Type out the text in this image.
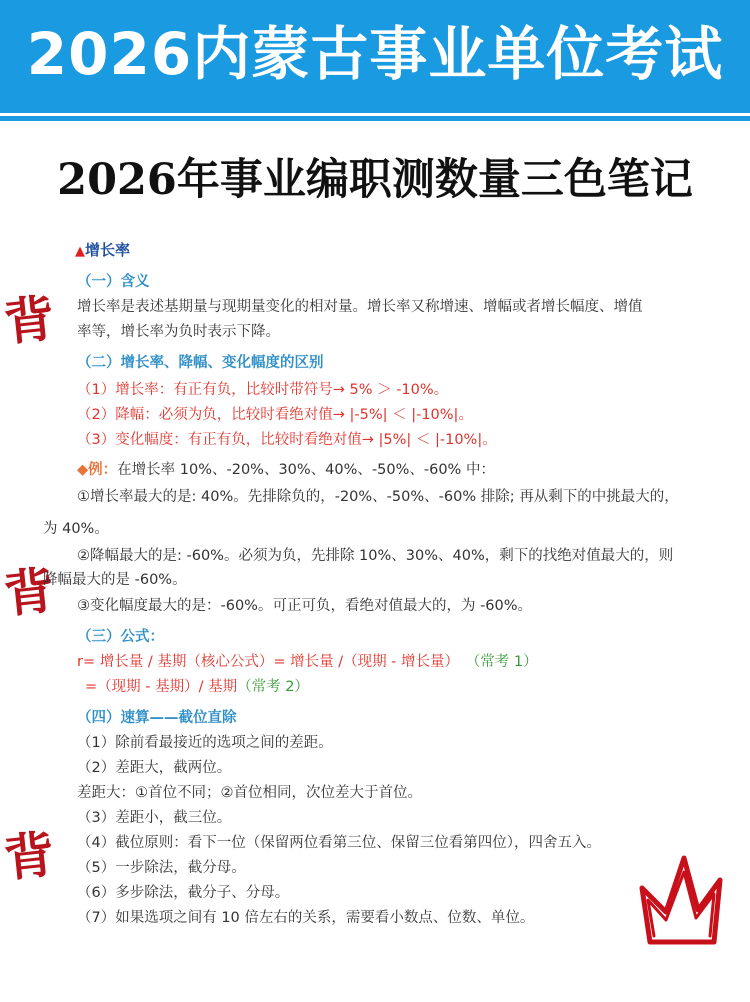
2026内蒙古事业单位考试
2026年事业编职测数量三色笔记
▲增长率
背
背
背
（一）含义
增长率是表述基期量与现期量变化的相对量。增长率又称增速、增幅或者增长幅度、增值
率等，增长率为负时表示下降。
（二）增长率、降幅、变化幅度的区别
（1）增长率：有正有负，比较时带符号→ 5% ＞ -10%。
（2）降幅：必须为负，比较时看绝对值→ |-5%| ＜ |-10%|。
（3）变化幅度：有正有负，比较时看绝对值→ |5%| ＜ |-10%|。
◆例：在增长率 10%、-20%、30%、40%、-50%、-60% 中：
①增长率最大的是: 40%。先排除负的，-20%、-50%、-60% 排除; 再从剩下的中挑最大的，
为 40%。
②降幅最大的是: -60%。必须为负，先排除 10%、30%、40%，剩下的找绝对值最大的，则
降幅最大的是 -60%。
③变化幅度最大的是：-60%。可正可负，看绝对值最大的，为 -60%。
（三）公式：
r= 增长量 / 基期（核心公式）= 增长量 /（现期 - 增长量） （常考 1）
=（现期 - 基期）/ 基期（常考 2）
（四）速算——截位直除
（1）除前看最接近的选项之间的差距。
（2）差距大，截两位。
差距大：①首位不同；②首位相同，次位差大于首位。
（3）差距小，截三位。
（4）截位原则：看下一位（保留两位看第三位、保留三位看第四位），四舍五入。
（5）一步除法，截分母。
（6）多步除法，截分子、分母。
（7）如果选项之间有 10 倍左右的关系，需要看小数点、位数、单位。
